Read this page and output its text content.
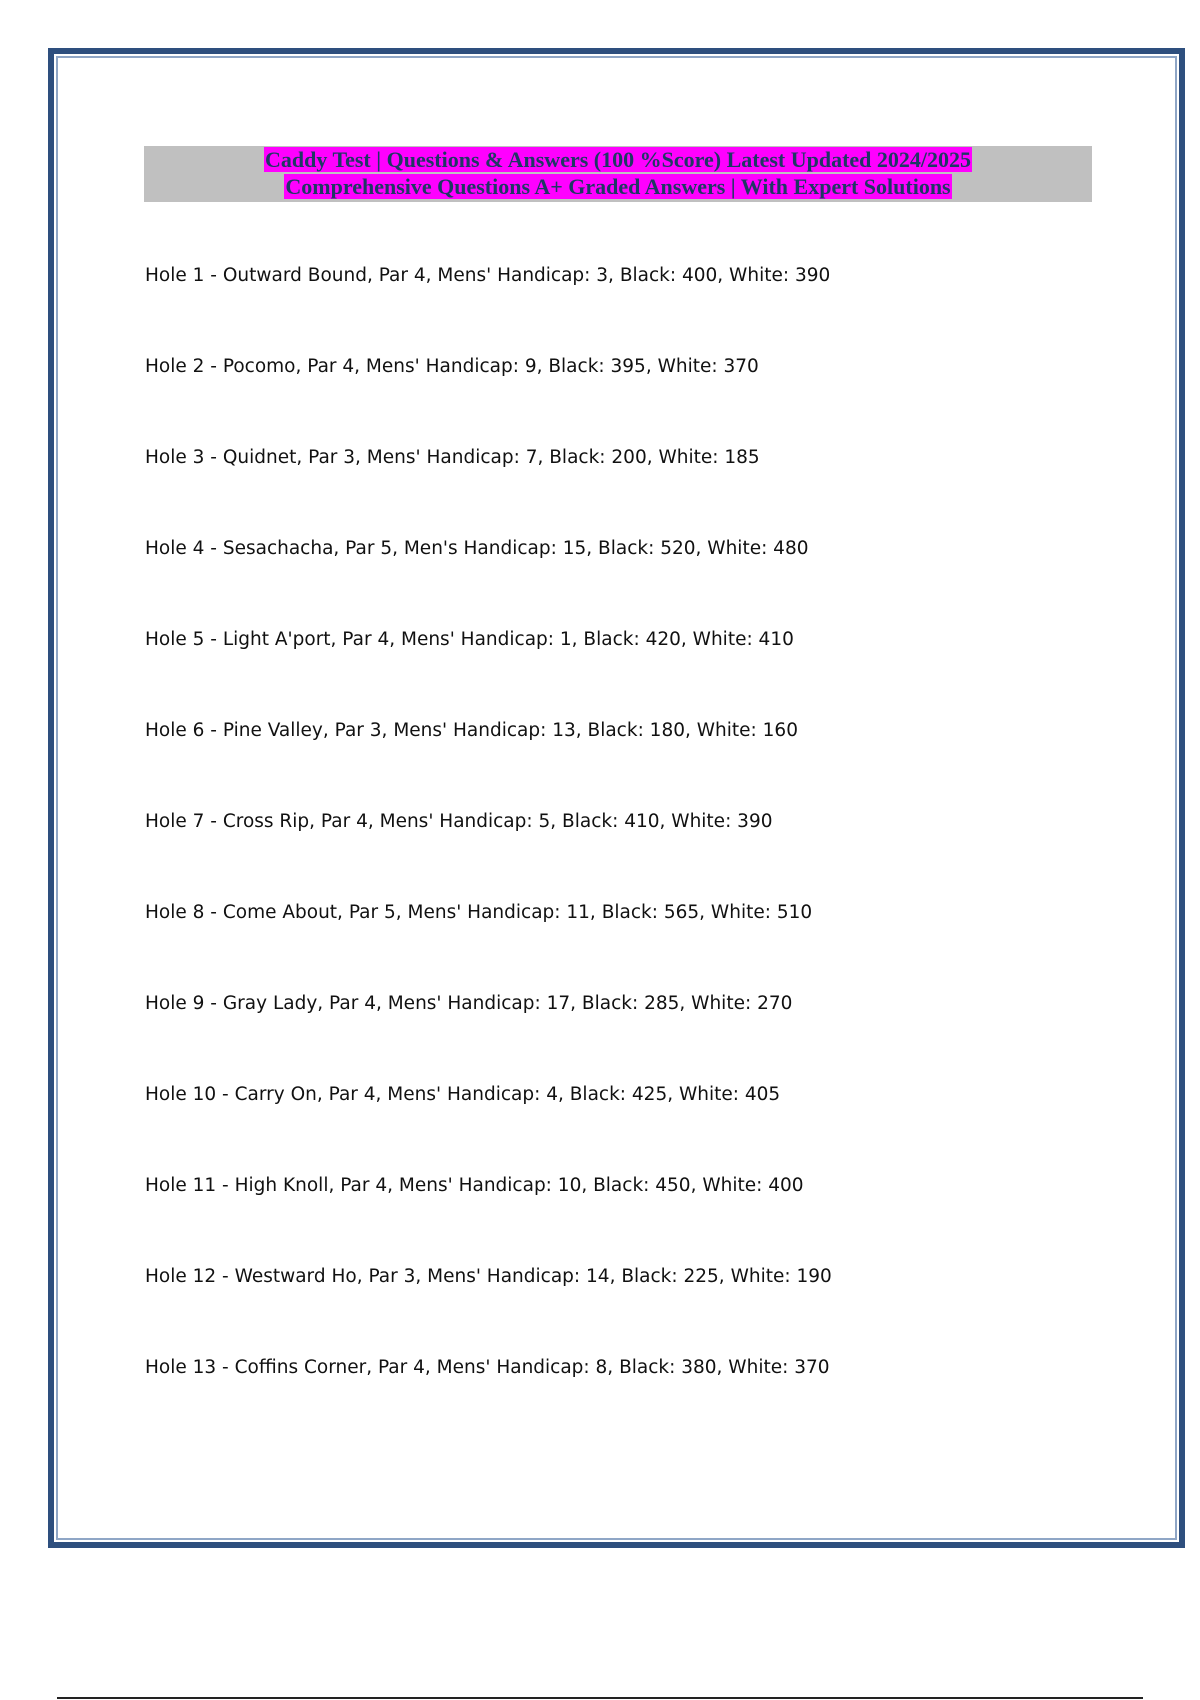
Caddy Test | Questions & Answers (100 %Score) Latest Updated 2024/2025
Comprehensive Questions A+ Graded Answers | With Expert Solutions
Hole 1 - Outward Bound, Par 4, Mens' Handicap: 3, Black: 400, White: 390
Hole 2 - Pocomo, Par 4, Mens' Handicap: 9, Black: 395, White: 370
Hole 3 - Quidnet, Par 3, Mens' Handicap: 7, Black: 200, White: 185
Hole 4 - Sesachacha, Par 5, Men's Handicap: 15, Black: 520, White: 480
Hole 5 - Light A'port, Par 4, Mens' Handicap: 1, Black: 420, White: 410
Hole 6 - Pine Valley, Par 3, Mens' Handicap: 13, Black: 180, White: 160
Hole 7 - Cross Rip, Par 4, Mens' Handicap: 5, Black: 410, White: 390
Hole 8 - Come About, Par 5, Mens' Handicap: 11, Black: 565, White: 510
Hole 9 - Gray Lady, Par 4, Mens' Handicap: 17, Black: 285, White: 270
Hole 10 - Carry On, Par 4, Mens' Handicap: 4, Black: 425, White: 405
Hole 11 - High Knoll, Par 4, Mens' Handicap: 10, Black: 450, White: 400
Hole 12 - Westward Ho, Par 3, Mens' Handicap: 14, Black: 225, White: 190
Hole 13 - Coffins Corner, Par 4, Mens' Handicap: 8, Black: 380, White: 370
